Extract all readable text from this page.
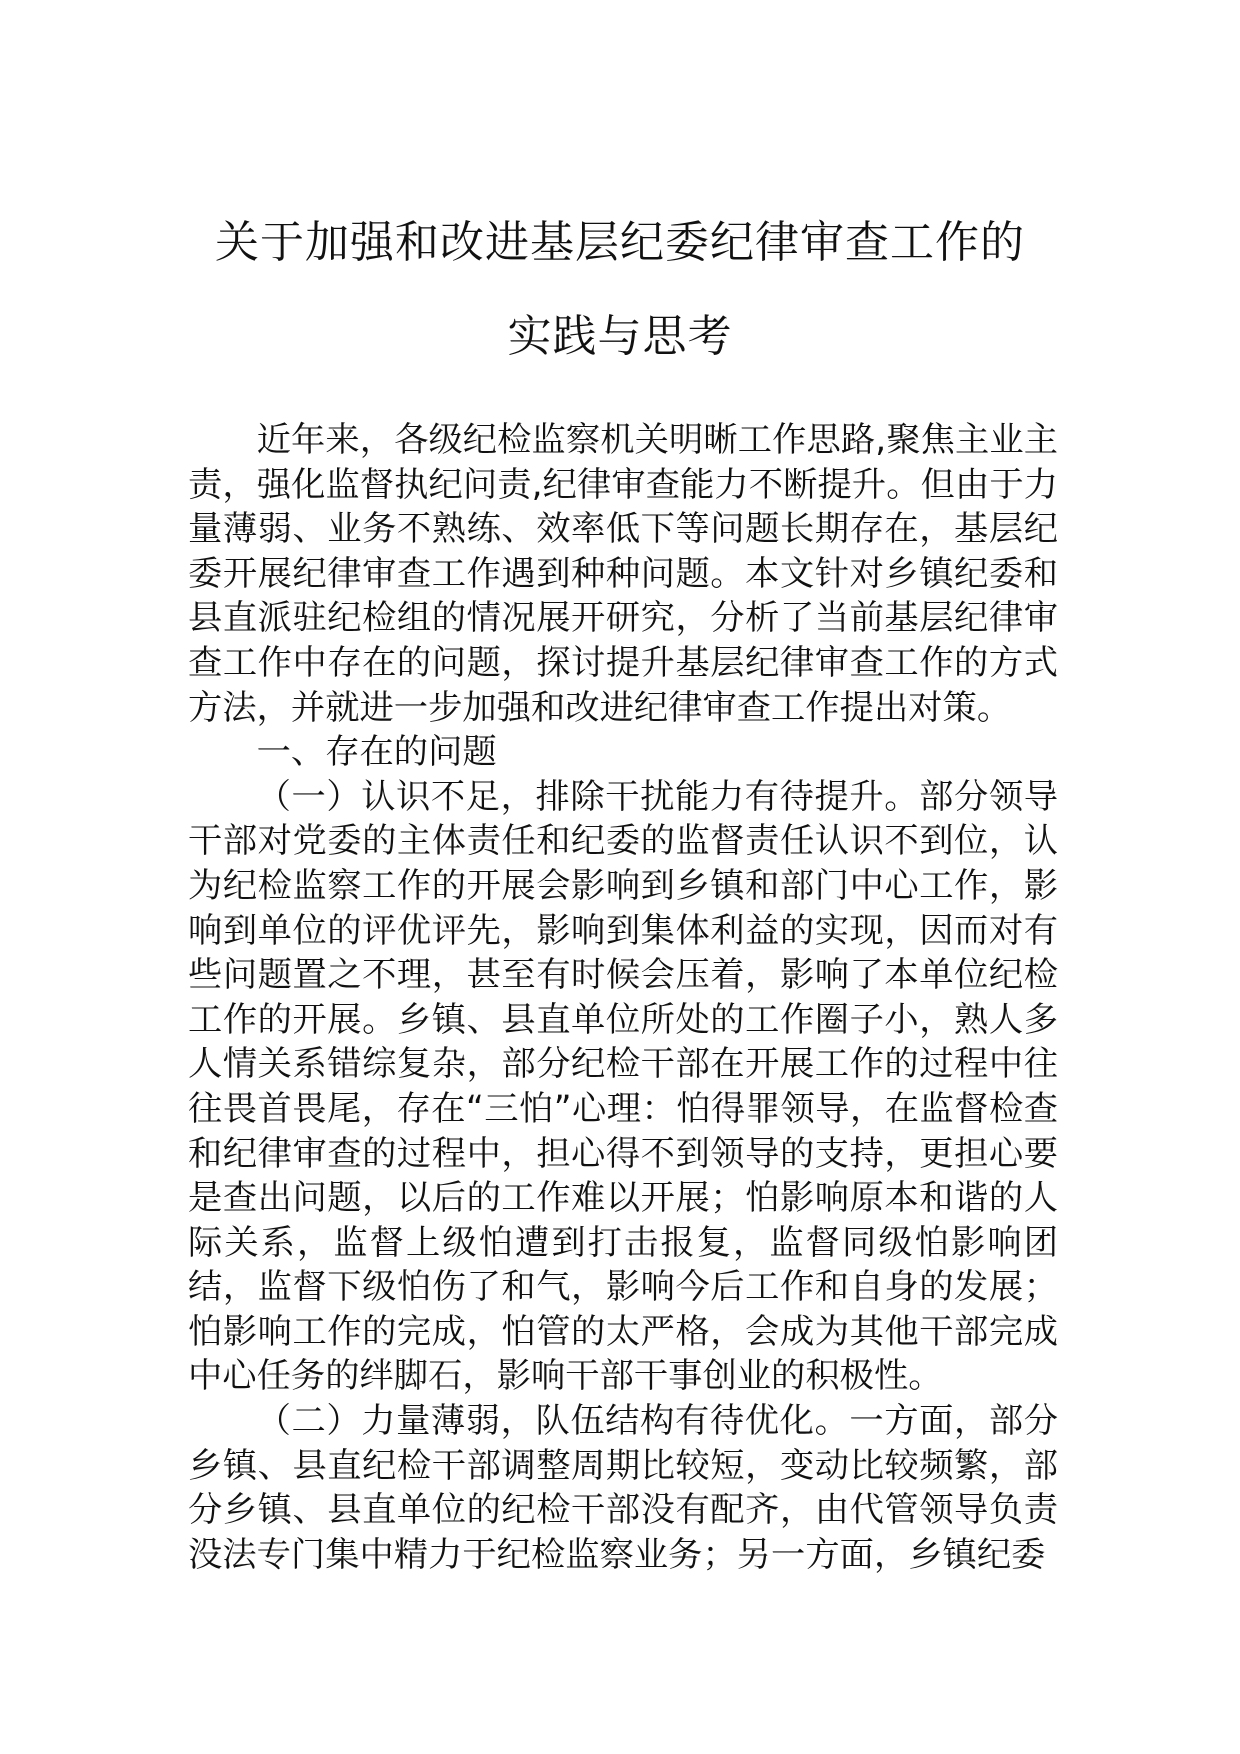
关于加强和改进基层纪委纪律审查工作的
实践与思考

近年来，各级纪检监察机关明晰工作思路,聚焦主业主责，强化监督执纪问责,纪律审查能力不断提升。但由于力量薄弱、业务不熟练、效率低下等问题长期存在，基层纪委开展纪律审查工作遇到种种问题。本文针对乡镇纪委和县直派驻纪检组的情况展开研究，分析了当前基层纪律审查工作中存在的问题，探讨提升基层纪律审查工作的方式方法，并就进一步加强和改进纪律审查工作提出对策。

一、存在的问题

（一）认识不足，排除干扰能力有待提升。部分领导干部对党委的主体责任和纪委的监督责任认识不到位，认为纪检监察工作的开展会影响到乡镇和部门中心工作，影响到单位的评优评先，影响到集体利益的实现，因而对有些问题置之不理，甚至有时候会压着，影响了本单位纪检工作的开展。乡镇、县直单位所处的工作圈子小，熟人多人情关系错综复杂，部分纪检干部在开展工作的过程中往往畏首畏尾，存在“三怕”心理：怕得罪领导，在监督检查和纪律审查的过程中，担心得不到领导的支持，更担心要是查出问题，以后的工作难以开展；怕影响原本和谐的人际关系，监督上级怕遭到打击报复，监督同级怕影响团结，监督下级怕伤了和气，影响今后工作和自身的发展；怕影响工作的完成，怕管的太严格，会成为其他干部完成中心任务的绊脚石，影响干部干事创业的积极性。

（二）力量薄弱，队伍结构有待优化。一方面，部分乡镇、县直纪检干部调整周期比较短，变动比较频繁，部分乡镇、县直单位的纪检干部没有配齐，由代管领导负责没法专门集中精力于纪检监察业务；另一方面，乡镇纪委
